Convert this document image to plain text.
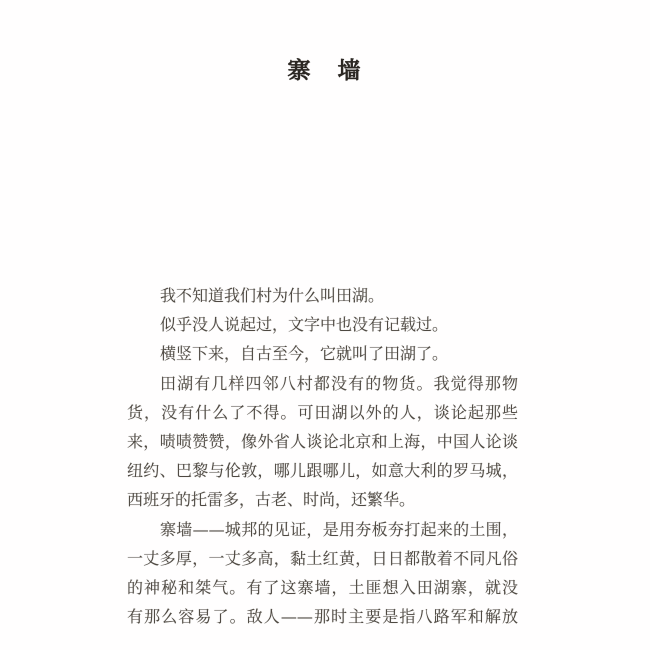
寨　墙
我不知道我们村为什么叫田湖。
似乎没人说起过，文字中也没有记载过。
横竖下来，自古至今，它就叫了田湖了。
田湖有几样四邻八村都没有的物货。我觉得那物
货，没有什么了不得。可田湖以外的人，谈论起那些
来，啧啧赞赞，像外省人谈论北京和上海，中国人论谈
纽约、巴黎与伦敦，哪儿跟哪儿，如意大利的罗马城，
西班牙的托雷多，古老、时尚，还繁华。
寨墙——城邦的见证，是用夯板夯打起来的土围，
一丈多厚，一丈多高，黏土红黄，日日都散着不同凡俗
的神秘和桀气。有了这寨墙，土匪想入田湖寨，就没
有那么容易了。敌人——那时主要是指八路军和解放
